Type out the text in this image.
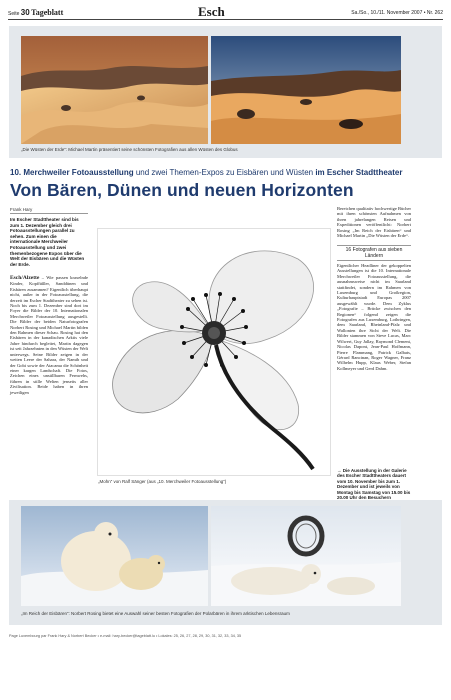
Seite 30 Tageblatt	Esch	Sa./So., 10./11. November 2007 • Nr. 262
„Die Wüsten der Erde“: Michael Martin präsentiert seine schönsten Fotografien aus allen Wüsten des Globus
10. Merchweiler Fotoausstellung und zwei Themen-Expos zu Eisbären und Wüsten im Escher Stadttheater
Von Bären, Dünen und neuen Horizonten
Frank Hary
Im Escher Stadttheater sind bis zum 1. Dezember gleich drei Fotoausstellungen parallel zu sehen. Zum einen die internationale Merchweiler Fotoausstellung und zwei themenbezogene Expos über die Welt der Eisbären und die Wüsten der Erde.
Esch/Alzette – Wie passen kraxelnde Kinder, Kopffüßler, Sanddünen und Eisbären zusammen? Eigentlich überhaupt nicht, außer in der Fotoausstellung, die derzeit im Escher Stadttheater zu sehen ist. Noch bis zum 1. Dezember sind dort im Foyer die Bilder der 10. Internationalen Merchweiler Fotoausstellung ausgestellt. Die Bilder der beiden Naturfotografen Norbert Rosing und Michael Martin bilden den Rahmen dieser Schau. Rosing hat den Eisbären in der kanadischen Arktis viele Jahre hindurch begleitet, Martin dagegen ist seit Jahrzehnten in den Wüsten der Welt unterwegs. Seine Bilder zeigen in der weiten Leere der Sahara, der Namib und der Gobi sowie der Atacama die Schönheit einer kargen Landschaft. Die Fotos, Zeichen eines unstillbaren Fernwehs, führen in stille Welten jenseits aller Zivilisation. Beide haben in ihren jeweiligen
„Mohn“ von Ralf Sänger (aus „10. Merchweiler Fotoausstellung“)
Bereichen qualitativ hochwertige Bücher mit ihren schönsten Aufnahmen von ihren jahrelangen Reisen und Expeditionen veröffentlicht: Norbert Rosing „Im Reich der Eisbären“ und Michael Martin „Die Wüsten der Erde“.
16 Fotografen aus sieben Ländern
Eigentlicher Headliner der gekoppelten Ausstellungen ist die 10. Internationale Merchweiler Fotoausstellung, die ausnahmsweise nicht im Saarland stattfindet, sondern im Rahmen von Luxemburg und Großregion, Kulturhauptstadt Europas 2007 ausgewählt wurde. Dem Zyklus „Fotografie – Brücke zwischen den Regionen“ folgend zeigen die Fotografen aus Luxemburg, Lothringen, dem Saarland, Rheinland-Pfalz und Wallonien ihre Sicht der Welt. Die Bilder stammen von Steve Lucas, Marc Wilwert, Guy Jallay, Raymond Clement, Nicolas Dapont, Jean-Paul Hoffmann, Pierre Flammang, Patrick Galbats, Gérard Rancinan, Roger Wagner, Franz Wilhelm Hupp, Klaus Weber, Stefan Kollmeyer und Gerd Dahm.
→ Die Ausstellung in der Galerie des Escher Stadttheaters dauert vom 10. November bis zum 1. Dezember und ist jeweils von Montag bis Samstag von 15.00 bis 20.00 Uhr den Besuchern
„Im Reich der Eisbären“: Norbert Rosing bietet eine Auswahl seiner besten Fotografien der Polarbären in ihrem arktischen Lebensraum
Page Luxembourg par Frank Hary & Norbert Becker • e-mail: hary-becker@tageblatt.lu • Lokales: 25, 26, 27, 28, 29, 30, 31, 32, 33, 34, 35
